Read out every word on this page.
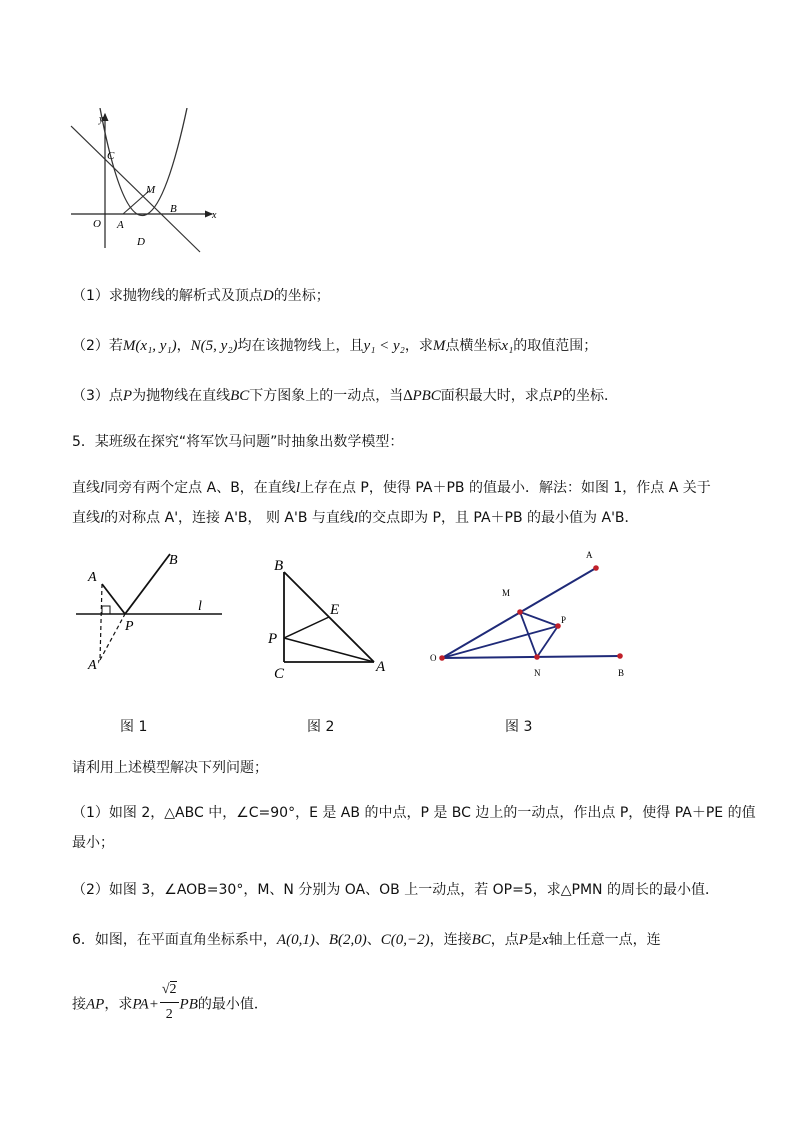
y
x
C
M
B
O A
D
（1）求抛物线的解析式及顶点D的坐标；
（2）若M(x₁, y₁)，N(5, y₂)均在该抛物线上，且y₁ < y₂，求M点横坐标x₁的取值范围；
（3）点P为抛物线在直线BC下方图象上的一动点，当∆PBC面积最大时，求点P的坐标．
5．某班级在探究“将军饮马问题”时抽象出数学模型：
直线l同旁有两个定点 A、B，在直线l上存在点 P，使得 PA＋PB 的值最小．解法：如图 1，作点 A 关于
直线l的对称点 A'，连接 A'B， 则 A'B 与直线l的交点即为 P，且 PA＋PB 的最小值为 A'B．
A
B
l
P
A'
B
E
P
C	A
A
M
P
O
N	B
图 1	图 2	图 3
请利用上述模型解决下列问题；
（1）如图 2，△ABC 中，∠C=90°，E 是 AB 的中点，P 是 BC 边上的一动点，作出点 P，使得 PA＋PE 的值
最小；
（2）如图 3，∠AOB=30°，M、N 分别为 OA、OB 上一动点，若 OP=5，求△PMN 的周长的最小值．
6．如图，在平面直角坐标系中，A(0,1)、B(2,0)、C(0,−2)，连接BC，点P是x轴上任意一点，连
接AP，求$PA+ \frac{√2}{2}$ PB的最小值．
